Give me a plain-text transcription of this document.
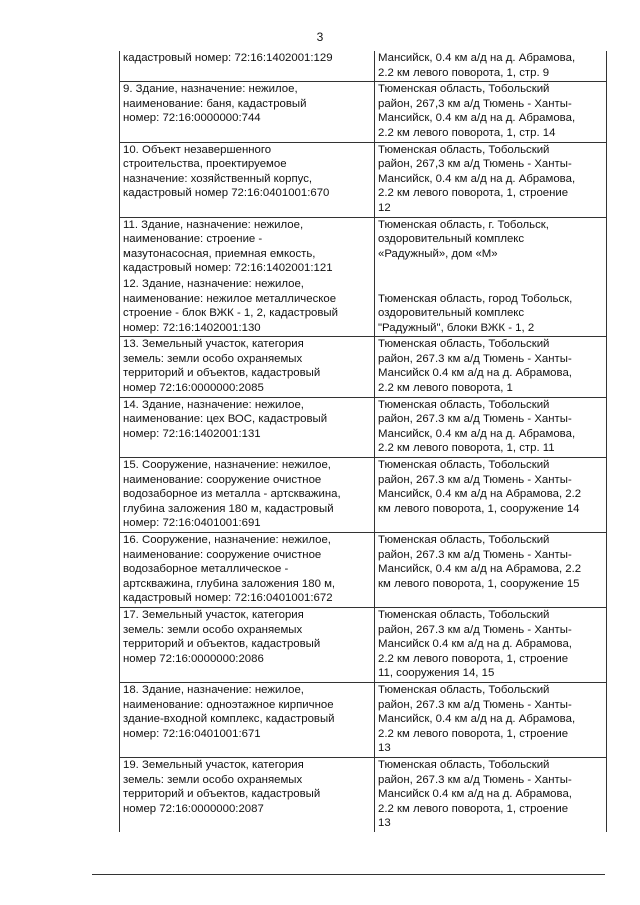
3
кадастровый номер: 72:16:1402001:129	Мансийск, 0.4 км а/д на д. Абрамова,
2.2 км левого поворота, 1, стр. 9
9. Здание, назначение: нежилое,
наименование: баня, кадастровый
номер: 72:16:0000000:744	Тюменская область, Тобольский
район, 267,3 км а/д Тюмень - Ханты-
Мансийск, 0.4 км а/д на д. Абрамова,
2.2 км левого поворота, 1, стр. 14
10. Объект незавершенного
строительства, проектируемое
назначение: хозяйственный корпус,
кадастровый номер 72:16:0401001:670	Тюменская область, Тобольский
район, 267,3 км а/д Тюмень - Ханты-
Мансийск, 0.4 км а/д на д. Абрамова,
2.2 км левого поворота, 1, строение
12
11. Здание, назначение: нежилое,
наименование: строение -
мазутонасосная, приемная емкость,
кадастровый номер: 72:16:1402001:121	Тюменская область, г. Тобольск,
оздоровительный комплекс
«Радужный», дом «М»
12. Здание, назначение: нежилое,
наименование: нежилое металлическое
строение - блок ВЖК - 1, 2, кадастровый
номер: 72:16:1402001:130	
Тюменская область, город Тобольск,
оздоровительный комплекс
"Радужный", блоки ВЖК - 1, 2
13. Земельный участок, категория
земель: земли особо охраняемых
территорий и объектов, кадастровый
номер 72:16:0000000:2085	Тюменская область, Тобольский
район, 267.3 км а/д Тюмень - Ханты-
Мансийск 0.4 км а/д на д. Абрамова,
2.2 км левого поворота, 1
14. Здание, назначение: нежилое,
наименование: цех ВОС, кадастровый
номер: 72:16:1402001:131	Тюменская область, Тобольский
район, 267.3 км а/д Тюмень - Ханты-
Мансийск, 0.4 км а/д на д. Абрамова,
2.2 км левого поворота, 1, стр. 11
15. Сооружение, назначение: нежилое,
наименование: сооружение очистное
водозаборное из металла - артскважина,
глубина заложения 180 м, кадастровый
номер: 72:16:0401001:691	Тюменская область, Тобольский
район, 267.3 км а/д Тюмень - Ханты-
Мансийск, 0.4 км а/д на Абрамова, 2.2
км левого поворота, 1, сооружение 14
16. Сооружение, назначение: нежилое,
наименование: сооружение очистное
водозаборное металлическое -
артскважина, глубина заложения 180 м,
кадастровый номер: 72:16:0401001:672	Тюменская область, Тобольский
район, 267.3 км а/д Тюмень - Ханты-
Мансийск, 0.4 км а/д на Абрамова, 2.2
км левого поворота, 1, сооружение 15
17. Земельный участок, категория
земель: земли особо охраняемых
территорий и объектов, кадастровый
номер 72:16:0000000:2086	Тюменская область, Тобольский
район, 267.3 км а/д Тюмень - Ханты-
Мансийск 0.4 км а/д на д. Абрамова,
2.2 км левого поворота, 1, строение
11, сооружения 14, 15
18. Здание, назначение: нежилое,
наименование: одноэтажное кирпичное
здание-входной комплекс, кадастровый
номер: 72:16:0401001:671	Тюменская область, Тобольский
район, 267.3 км а/д Тюмень - Ханты-
Мансийск, 0.4 км а/д на д. Абрамова,
2.2 км левого поворота, 1, строение
13
19. Земельный участок, категория
земель: земли особо охраняемых
территорий и объектов, кадастровый
номер 72:16:0000000:2087	Тюменская область, Тобольский
район, 267.3 км а/д Тюмень - Ханты-
Мансийск 0.4 км а/д на д. Абрамова,
2.2 км левого поворота, 1, строение
13
